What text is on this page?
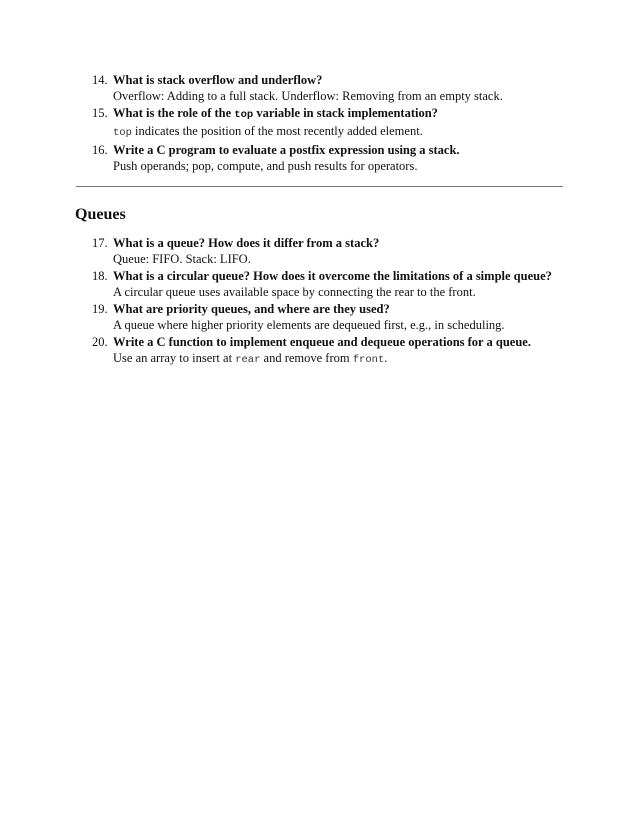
14. What is stack overflow and underflow?
Overflow: Adding to a full stack. Underflow: Removing from an empty stack.
15. What is the role of the top variable in stack implementation?
top indicates the position of the most recently added element.
16. Write a C program to evaluate a postfix expression using a stack.
Push operands; pop, compute, and push results for operators.
Queues
17. What is a queue? How does it differ from a stack?
Queue: FIFO. Stack: LIFO.
18. What is a circular queue? How does it overcome the limitations of a simple queue?
A circular queue uses available space by connecting the rear to the front.
19. What are priority queues, and where are they used?
A queue where higher priority elements are dequeued first, e.g., in scheduling.
20. Write a C function to implement enqueue and dequeue operations for a queue.
Use an array to insert at rear and remove from front.
